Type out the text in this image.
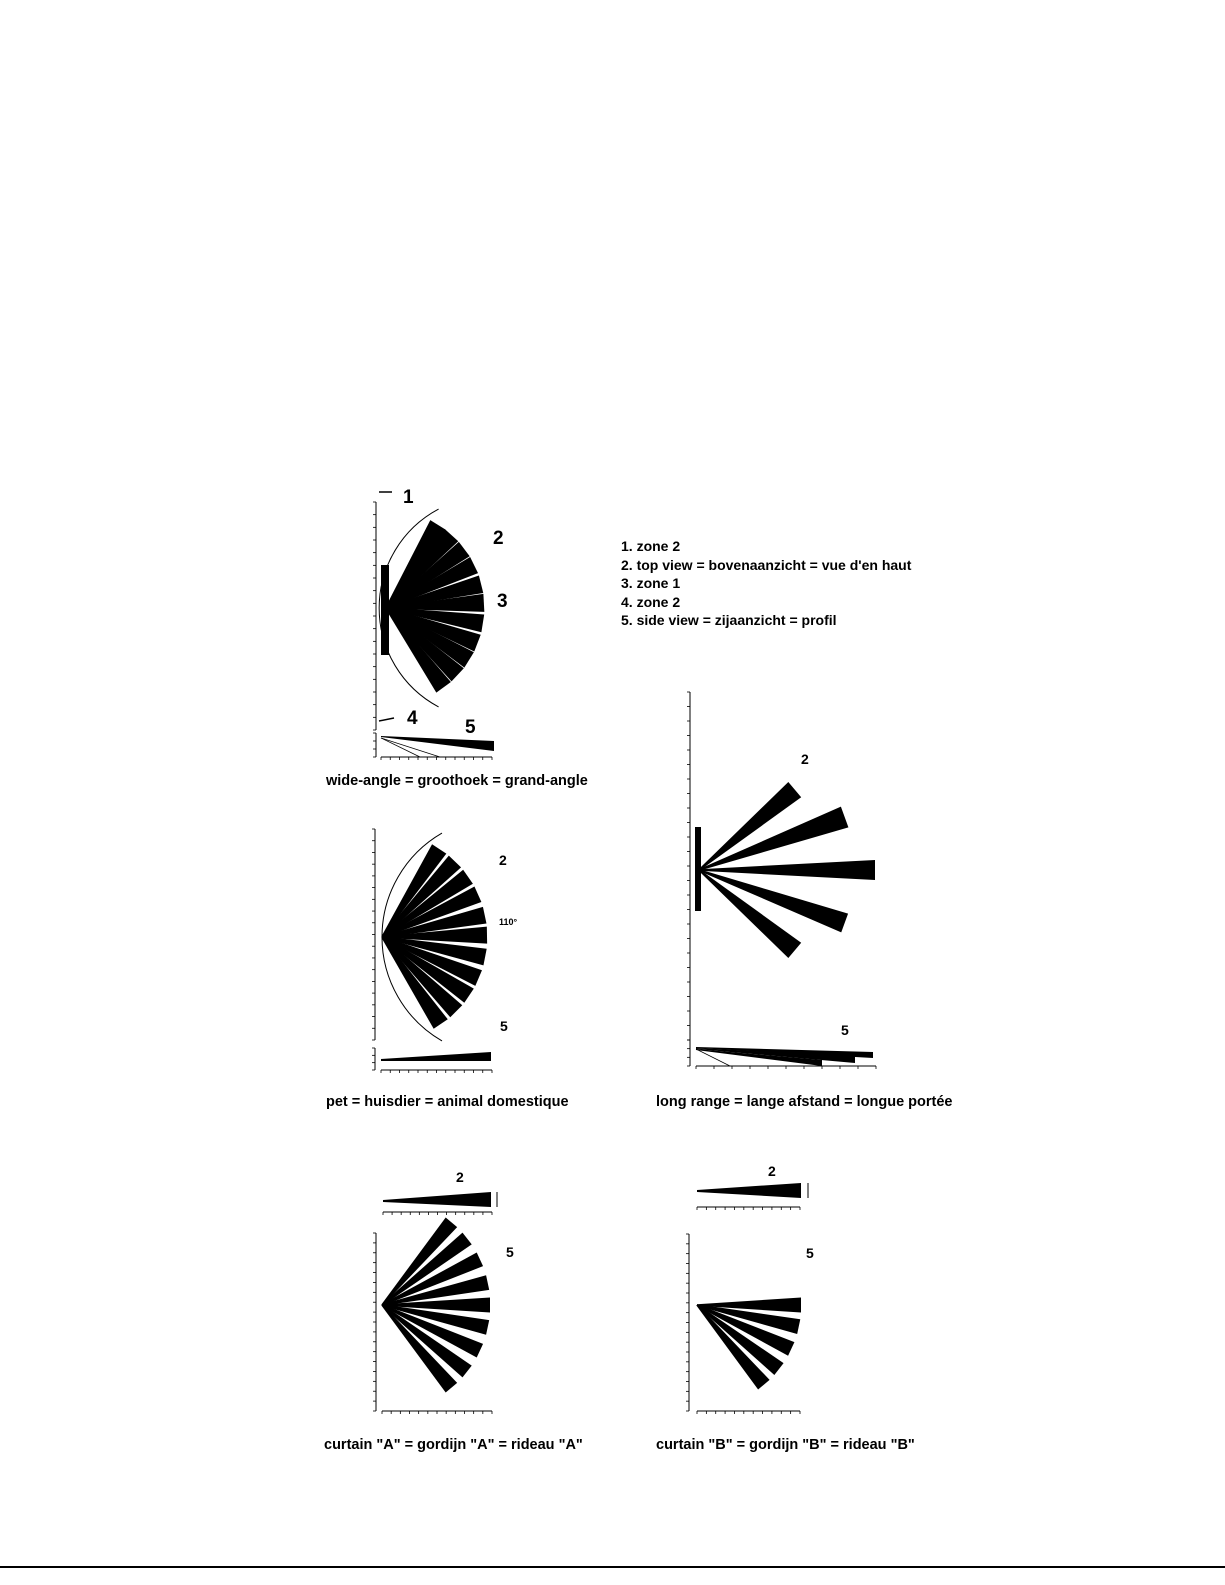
1
2
3
4 5
2
110°
5
2
5
2
5
2
5
1. zone 2
2. top view = bovenaanzicht = vue d'en haut
3. zone 1
4. zone 2
5. side view = zijaanzicht = profil
wide-angle = groothoek = grand-angle
pet = huisdier = animal domestique	long range = lange afstand = longue portée
curtain "A" = gordijn "A" = rideau "A"	curtain "B" = gordijn "B" = rideau "B"
